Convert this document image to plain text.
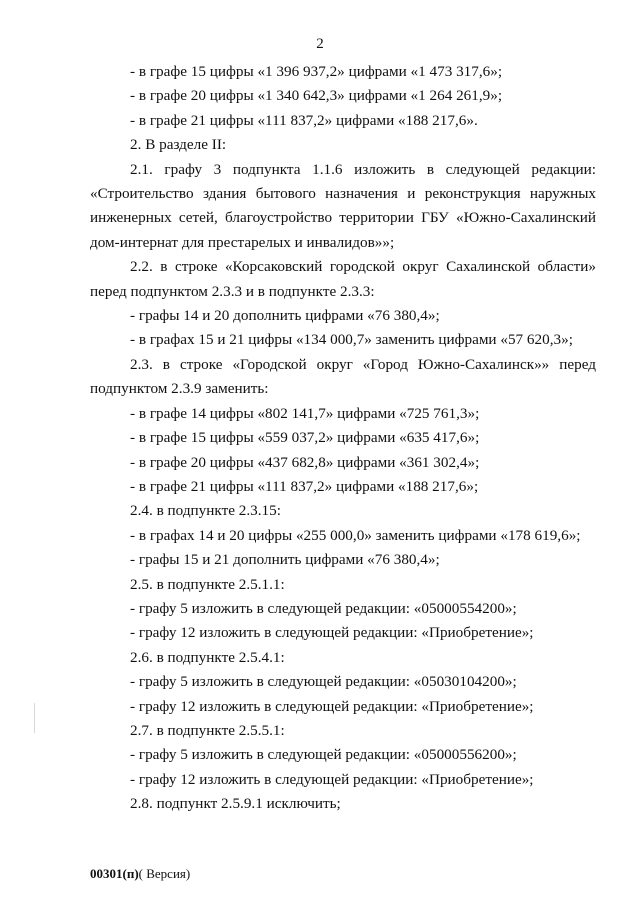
2

- в графе 15 цифры «1 396 937,2» цифрами «1 473 317,6»;

- в графе 20 цифры «1 340 642,3» цифрами «1 264 261,9»;

- в графе 21 цифры «111 837,2» цифрами «188 217,6».

2. В разделе II:

2.1. графу 3 подпункта 1.1.6 изложить в следующей редакции: «Строительство здания бытового назначения и реконструкция наружных инженерных сетей, благоустройство территории ГБУ «Южно-Сахалинский дом-интернат для престарелых и инвалидов»»;

2.2. в строке «Корсаковский городской округ Сахалинской области» перед подпунктом 2.3.3 и в подпункте 2.3.3:

- графы 14 и 20 дополнить цифрами «76 380,4»;

- в графах 15 и 21 цифры «134 000,7» заменить цифрами «57 620,3»;

2.3. в строке «Городской округ «Город Южно-Сахалинск»» перед подпунктом 2.3.9 заменить:

- в графе 14 цифры «802 141,7» цифрами «725 761,3»;

- в графе 15 цифры «559 037,2» цифрами «635 417,6»;

- в графе 20 цифры «437 682,8» цифрами «361 302,4»;

- в графе 21 цифры «111 837,2» цифрами «188 217,6»;

2.4. в подпункте 2.3.15:

- в графах 14 и 20 цифры «255 000,0» заменить цифрами «178 619,6»;

- графы 15 и 21 дополнить цифрами «76 380,4»;

2.5. в подпункте 2.5.1.1:

- графу 5 изложить в следующей редакции: «05000554200»;

- графу 12 изложить в следующей редакции: «Приобретение»;

2.6. в подпункте 2.5.4.1:

- графу 5 изложить в следующей редакции: «05030104200»;

- графу 12 изложить в следующей редакции: «Приобретение»;

2.7. в подпункте 2.5.5.1:

- графу 5 изложить в следующей редакции: «05000556200»;

- графу 12 изложить в следующей редакции: «Приобретение»;

2.8. подпункт 2.5.9.1 исключить;

00301(п)( Версия)
